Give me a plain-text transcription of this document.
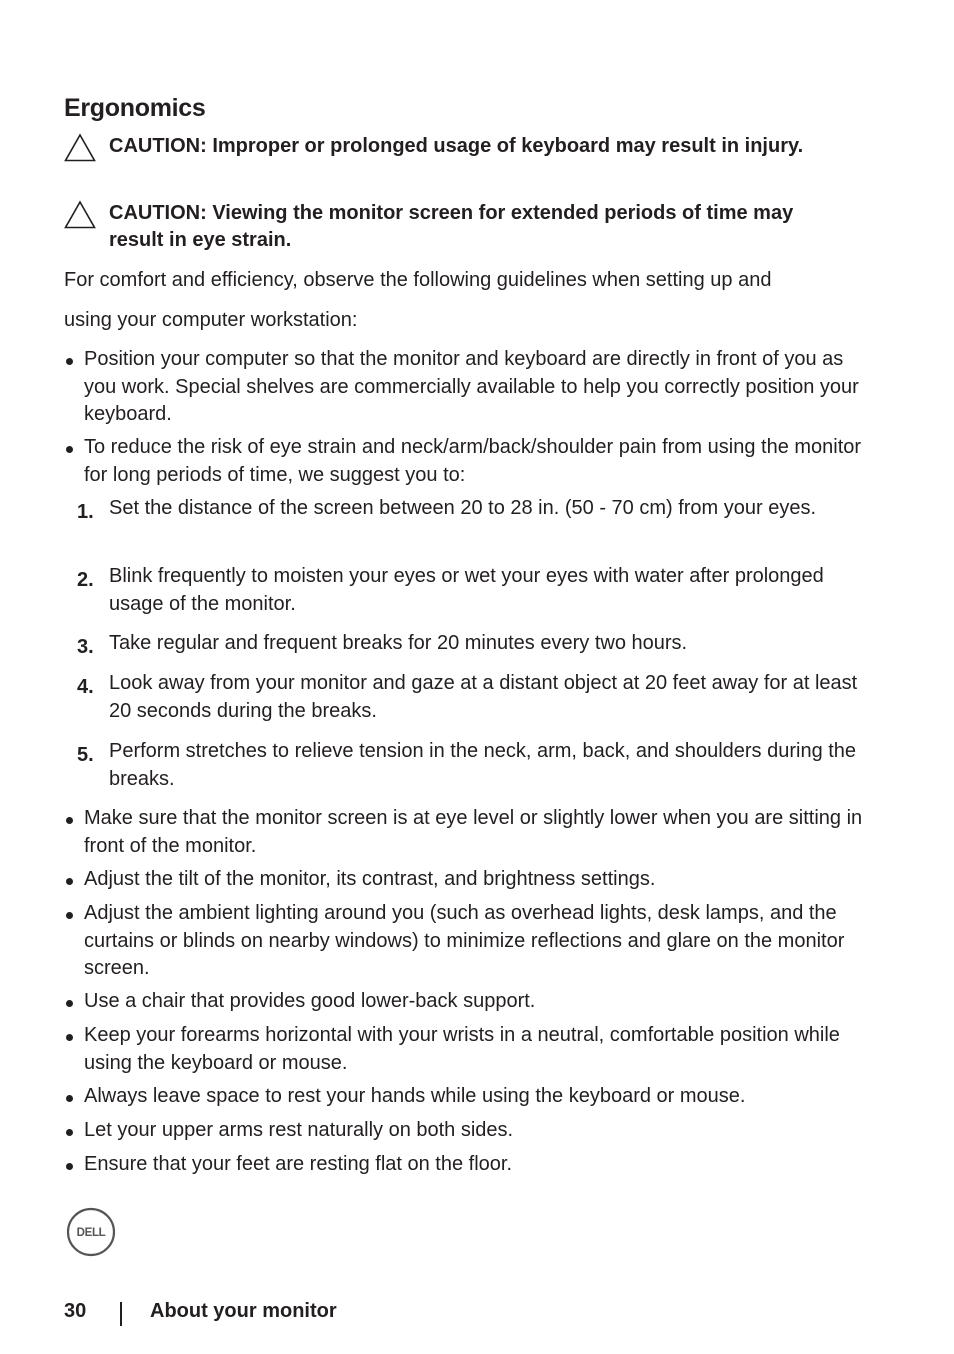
Ergonomics
CAUTION: Improper or prolonged usage of keyboard may result in injury.
CAUTION: Viewing the monitor screen for extended periods of time may result in eye strain.
For comfort and efficiency, observe the following guidelines when setting up and
using your computer workstation:
Position your computer so that the monitor and keyboard are directly in front of you as you work. Special shelves are commercially available to help you correctly position your keyboard.
To reduce the risk of eye strain and neck/arm/back/shoulder pain from using the monitor for long periods of time, we suggest you to:
1. Set the distance of the screen between 20 to 28 in. (50 - 70 cm) from your eyes.
2. Blink frequently to moisten your eyes or wet your eyes with water after prolonged usage of the monitor.
3. Take regular and frequent breaks for 20 minutes every two hours.
4. Look away from your monitor and gaze at a distant object at 20 feet away for at least 20 seconds during the breaks.
5. Perform stretches to relieve tension in the neck, arm, back, and shoulders during the breaks.
Make sure that the monitor screen is at eye level or slightly lower when you are sitting in front of the monitor.
Adjust the tilt of the monitor, its contrast, and brightness settings.
Adjust the ambient lighting around you (such as overhead lights, desk lamps, and the curtains or blinds on nearby windows) to minimize reflections and glare on the monitor screen.
Use a chair that provides good lower-back support.
Keep your forearms horizontal with your wrists in a neutral, comfortable position while using the keyboard or mouse.
Always leave space to rest your hands while using the keyboard or mouse.
Let your upper arms rest naturally on both sides.
Ensure that your feet are resting flat on the floor.
DELL
30	About your monitor
